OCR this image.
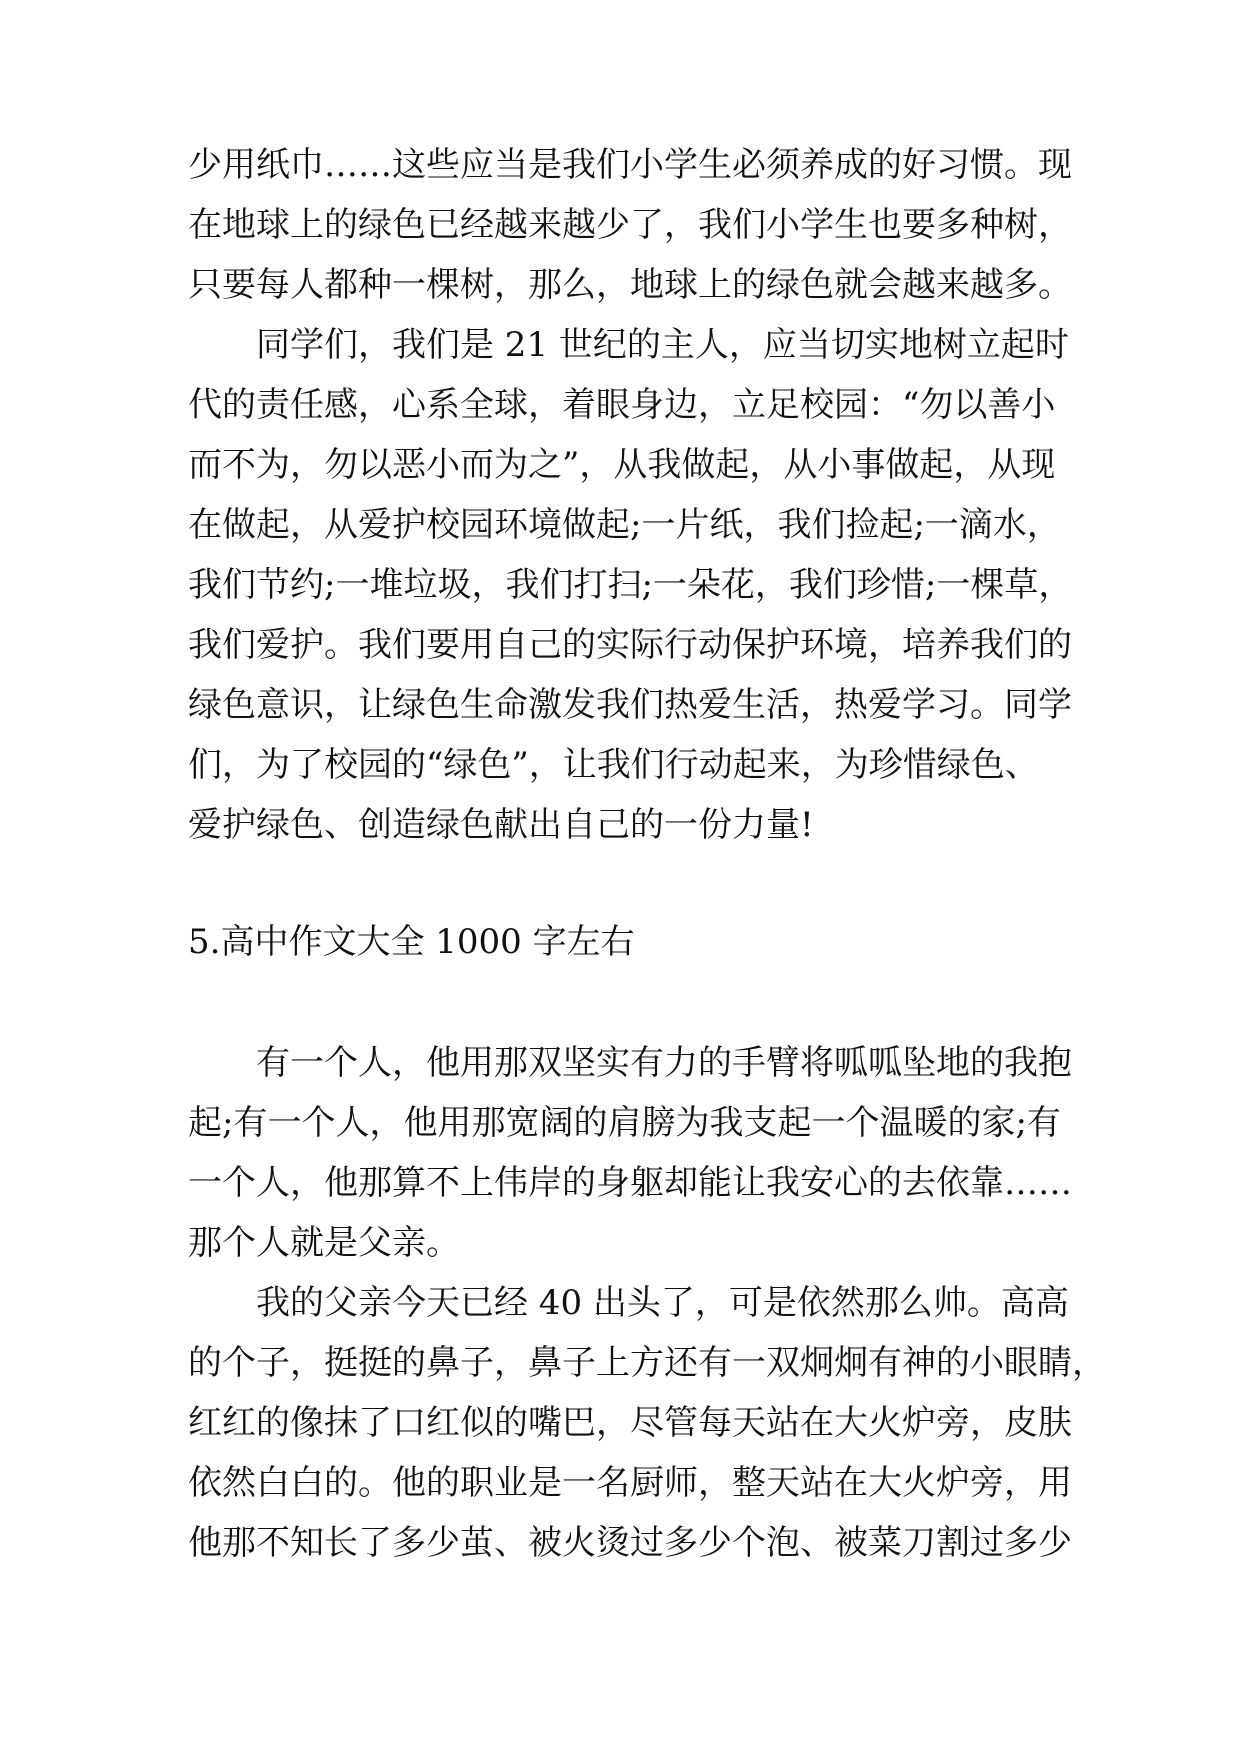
少用纸巾……这些应当是我们小学生必须养成的好习惯。现
在地球上的绿色已经越来越少了，我们小学生也要多种树，
只要每人都种一棵树，那么，地球上的绿色就会越来越多。
同学们，我们是 21 世纪的主人，应当切实地树立起时
代的责任感，心系全球，着眼身边，立足校园：“勿以善小
而不为，勿以恶小而为之”，从我做起，从小事做起，从现
在做起，从爱护校园环境做起;一片纸，我们捡起;一滴水，
我们节约;一堆垃圾，我们打扫;一朵花，我们珍惜;一棵草，
我们爱护。我们要用自己的实际行动保护环境，培养我们的
绿色意识，让绿色生命激发我们热爱生活，热爱学习。同学
们，为了校园的“绿色”，让我们行动起来，为珍惜绿色、
爱护绿色、创造绿色献出自己的一份力量!
5.高中作文大全 1000 字左右
有一个人，他用那双坚实有力的手臂将呱呱坠地的我抱
起;有一个人，他用那宽阔的肩膀为我支起一个温暖的家;有
一个人，他那算不上伟岸的身躯却能让我安心的去依靠……
那个人就是父亲。
我的父亲今天已经 40 出头了，可是依然那么帅。高高
的个子，挺挺的鼻子，鼻子上方还有一双炯炯有神的小眼睛，
红红的像抹了口红似的嘴巴，尽管每天站在大火炉旁，皮肤
依然白白的。他的职业是一名厨师，整天站在大火炉旁，用
他那不知长了多少茧、被火烫过多少个泡、被菜刀割过多少
